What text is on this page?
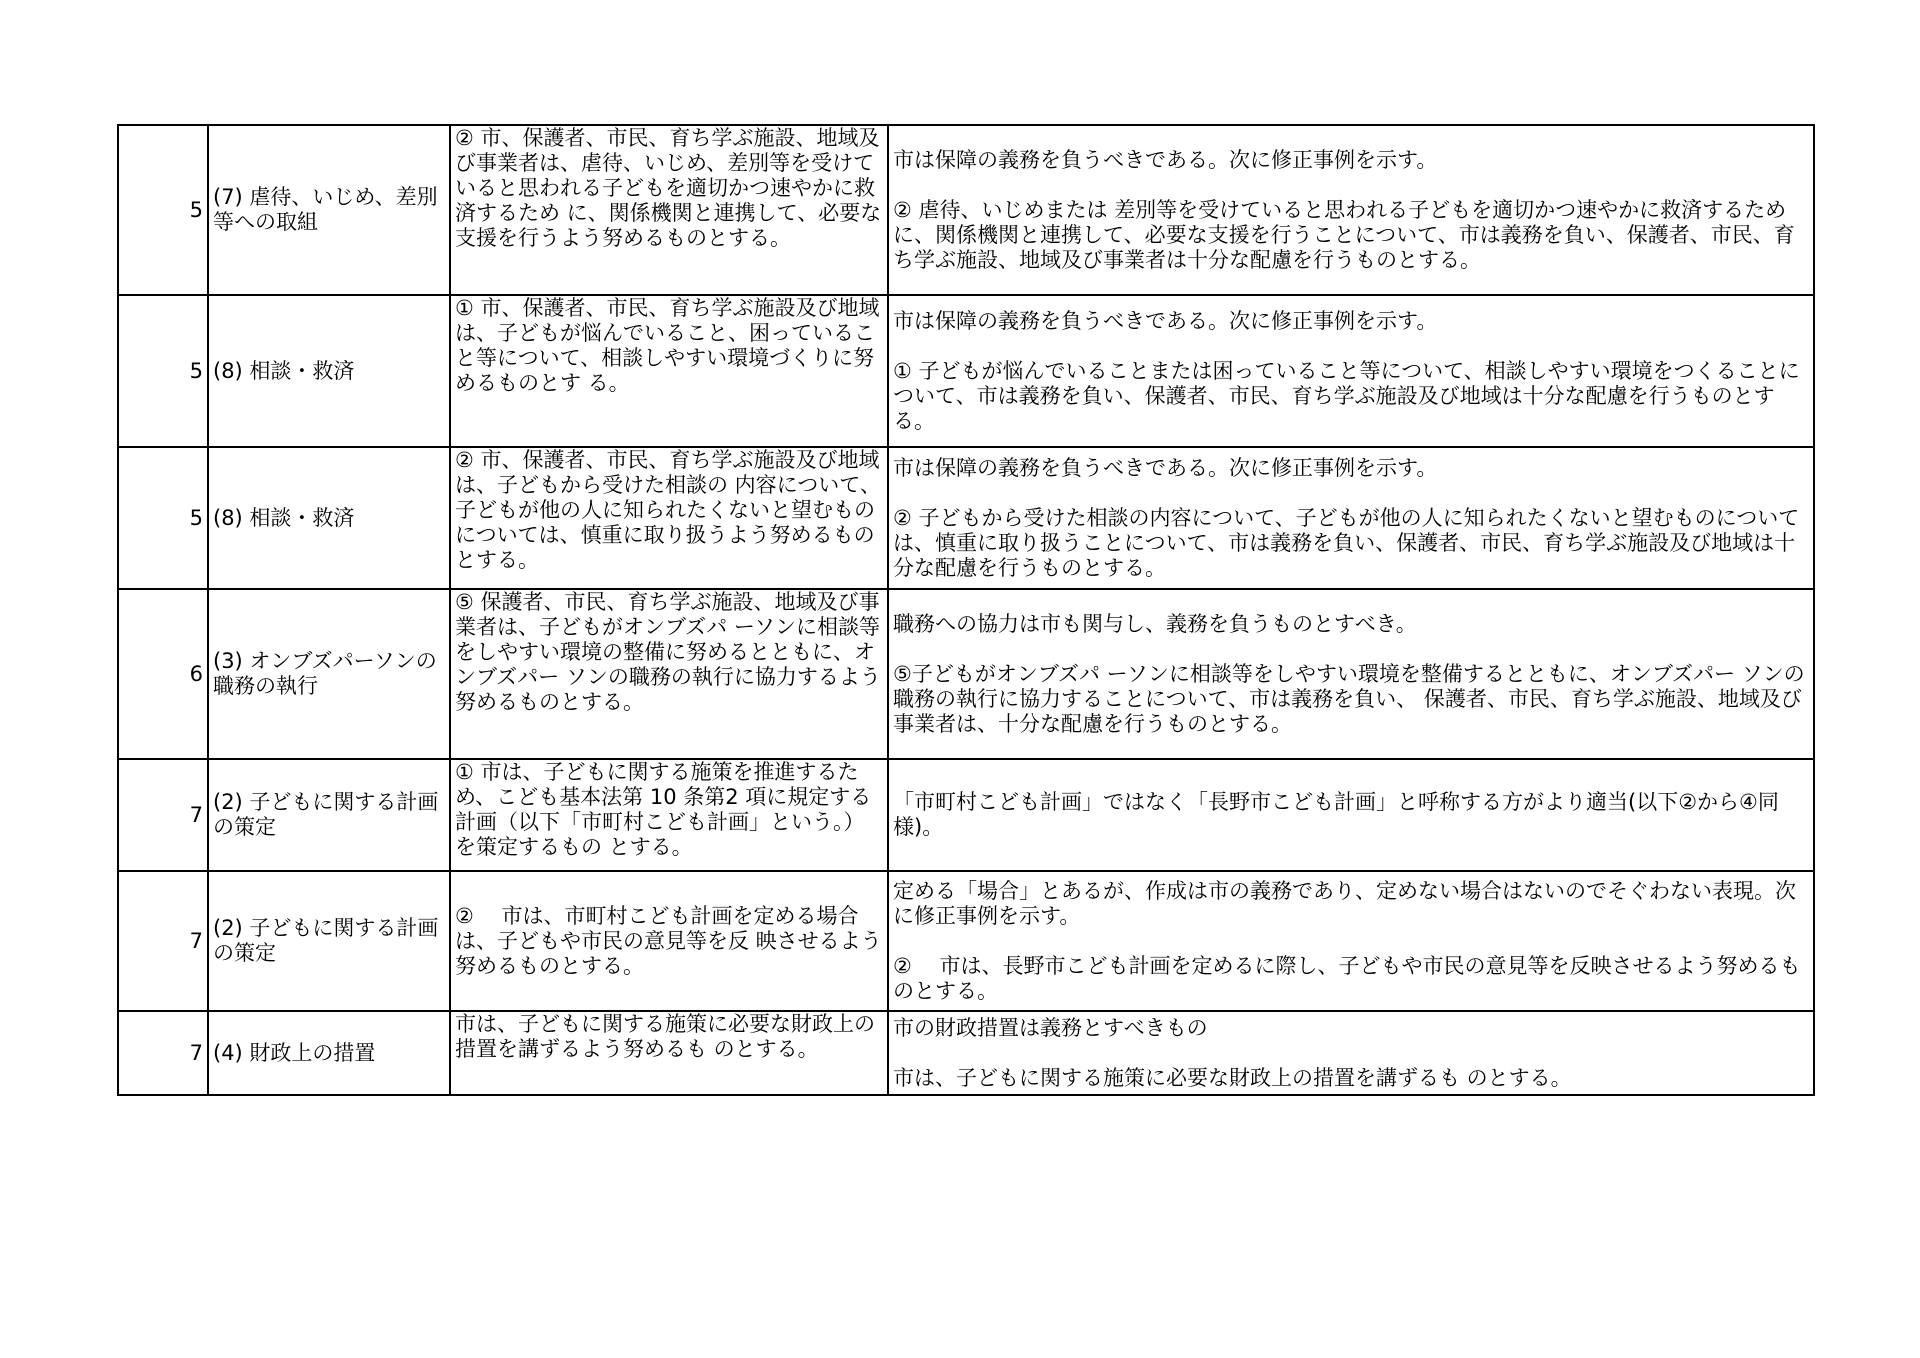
5	(7) 虐待、いじめ、差別等への取組	② 市、保護者、市民、育ち学ぶ施設、地域及び事業者は、虐待、いじめ、差別等を受けていると思われる子どもを適切かつ速やかに救済するため に、関係機関と連携して、必要な支援を行うよう努めるものとする。	市は保障の義務を負うべきである。次に修正事例を示す。
② 虐待、いじめまたは 差別等を受けていると思われる子どもを適切かつ速やかに救済するために、関係機関と連携して、必要な支援を行うことについて、市は義務を負い、保護者、市民、育ち学ぶ施設、地域及び事業者は十分な配慮を行うものとする。

5	(8) 相談・救済	① 市、保護者、市民、育ち学ぶ施設及び地域は、子どもが悩んでいること、困っていること等について、相談しやすい環境づくりに努めるものとす る。	市は保障の義務を負うべきである。次に修正事例を示す。
① 子どもが悩んでいることまたは困っていること等について、相談しやすい環境をつくることについて、市は義務を負い、保護者、市民、育ち学ぶ施設及び地域は十分な配慮を行うものとする。

5	(8) 相談・救済	② 市、保護者、市民、育ち学ぶ施設及び地域は、子どもから受けた相談の 内容について、子どもが他の人に知られたくないと望むものについては、慎重に取り扱うよう努めるものとする。	市は保障の義務を負うべきである。次に修正事例を示す。
② 子どもから受けた相談の内容について、子どもが他の人に知られたくないと望むものについては、慎重に取り扱うことについて、市は義務を負い、保護者、市民、育ち学ぶ施設及び地域は十分な配慮を行うものとする。

6	(3) オンブズパーソンの職務の執行	⑤ 保護者、市民、育ち学ぶ施設、地域及び事業者は、子どもがオンブズパ ーソンに相談等をしやすい環境の整備に努めるとともに、オンブズパー ソンの職務の執行に協力するよう努めるものとする。	職務への協力は市も関与し、義務を負うものとすべき。
⑤子どもがオンブズパ ーソンに相談等をしやすい環境を整備するとともに、オンブズパー ソンの職務の執行に協力することについて、市は義務を負い、 保護者、市民、育ち学ぶ施設、地域及び事業者は、十分な配慮を行うものとする。

7	(2) 子どもに関する計画の策定	① 市は、子どもに関する施策を推進するため、こども基本法第 10 条第2 項に規定する計画（以下「市町村こども計画」という。）を策定するもの とする。	「市町村こども計画」ではなく「長野市こども計画」と呼称する方がより適当(以下②から④同様)。

7	(2) 子どもに関する計画の策定	②　 市は、市町村こども計画を定める場合は、子どもや市民の意見等を反 映させるよう努めるものとする。	定める「場合」とあるが、作成は市の義務であり、定めない場合はないのでそぐわない表現。次に修正事例を示す。
②　 市は、長野市こども計画を定めるに際し、子どもや市民の意見等を反映させるよう努めるものとする。

7	(4) 財政上の措置	市は、子どもに関する施策に必要な財政上の措置を講ずるよう努めるも のとする。	市の財政措置は義務とすべきもの
市は、子どもに関する施策に必要な財政上の措置を講ずるも のとする。
